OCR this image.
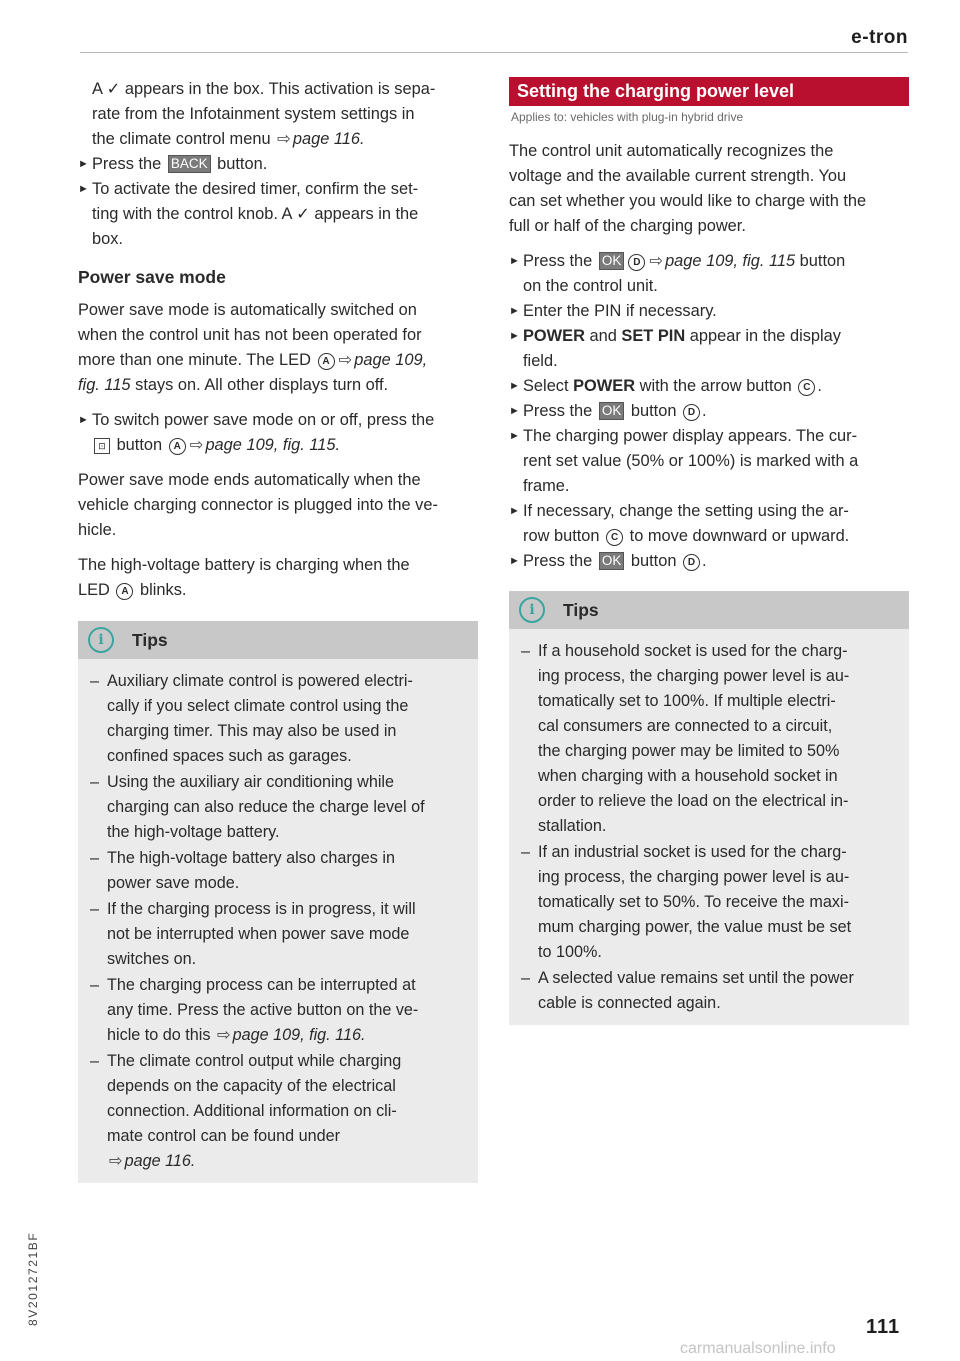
e-tron

A ✓ appears in the box. This activation is sepa-
rate from the Infotainment system settings in
the climate control menu ⇨ page 116.

► Press the BACK button.
► To activate the desired timer, confirm the set-
ting with the control knob. A ✓ appears in the
box.
Power save mode

Power save mode is automatically switched on
when the control unit has not been operated for
more than one minute. The LED A ⇨ page 109,
fig. 115 stays on. All other displays turn off.

► To switch power save mode on or off, press the
⊡ button A ⇨ page 109, fig. 115.

Power save mode ends automatically when the
vehicle charging connector is plugged into the ve-
hicle.

The high-voltage battery is charging when the
LED A blinks.

i	Tips
– Auxiliary climate control is powered electri-
cally if you select climate control using the
charging timer. This may also be used in
confined spaces such as garages.
– Using the auxiliary air conditioning while
charging can also reduce the charge level of
the high-voltage battery.
– The high-voltage battery also charges in
power save mode.
– If the charging process is in progress, it will
not be interrupted when power save mode
switches on.
– The charging process can be interrupted at
any time. Press the active button on the ve-
hicle to do this ⇨ page 109, fig. 116.
– The climate control output while charging
depends on the capacity of the electrical
connection. Additional information on cli-
mate control can be found under
⇨ page 116.
Setting the charging power level
Applies to: vehicles with plug-in hybrid drive

The control unit automatically recognizes the
voltage and the available current strength. You
can set whether you would like to charge with the
full or half of the charging power.

► Press the OK D ⇨ page 109, fig. 115 button
on the control unit.
► Enter the PIN if necessary.
► POWER and SET PIN appear in the display
field.
► Select POWER with the arrow button C .
► Press the OK button D .
► The charging power display appears. The cur-
rent set value (50% or 100%) is marked with a
frame.
► If necessary, change the setting using the ar-
row button C to move downward or upward.
► Press the OK button D .
i	Tips
– If a household socket is used for the charg-
ing process, the charging power level is au-
tomatically set to 100%. If multiple electri-
cal consumers are connected to a circuit,
the charging power may be limited to 50%
when charging with a household socket in
order to relieve the load on the electrical in-
stallation.
– If an industrial socket is used for the charg-
ing process, the charging power level is au-
tomatically set to 50%. To receive the maxi-
mum charging power, the value must be set
to 100%.
– A selected value remains set until the power
cable is connected again.
8V2012721BF
111
carmanualsonline.info
